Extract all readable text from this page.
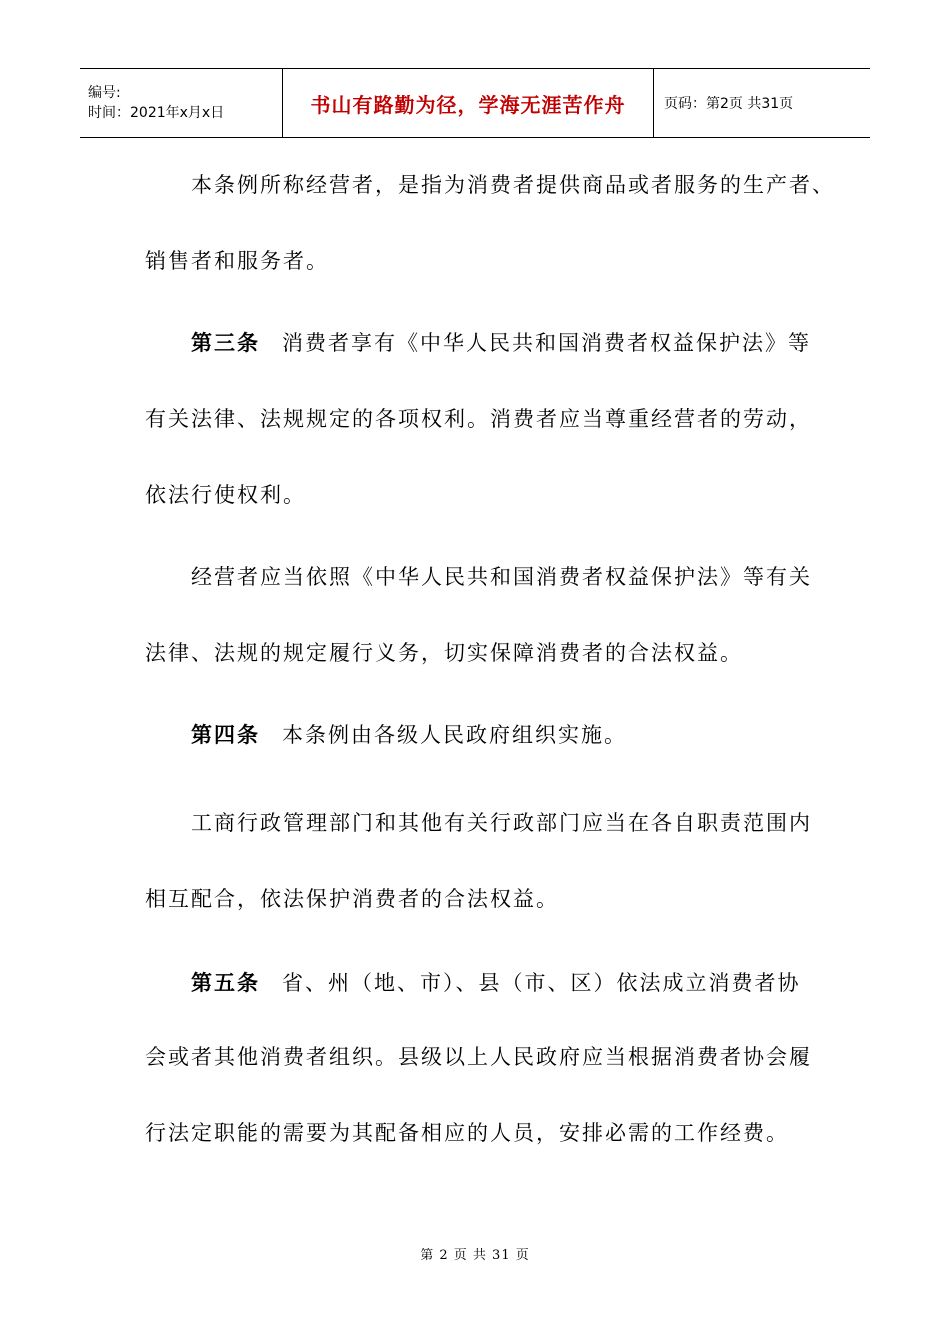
编号:
时间：2021年x月x日	书山有路勤为径，学海无涯苦作舟	页码：第2页 共31页
本条例所称经营者，是指为消费者提供商品或者服务的生产者、
销售者和服务者。
第三条 消费者享有《中华人民共和国消费者权益保护法》等
有关法律、法规规定的各项权利。消费者应当尊重经营者的劳动，
依法行使权利。
经营者应当依照《中华人民共和国消费者权益保护法》等有关
法律、法规的规定履行义务，切实保障消费者的合法权益。
第四条 本条例由各级人民政府组织实施。
工商行政管理部门和其他有关行政部门应当在各自职责范围内
相互配合，依法保护消费者的合法权益。
第五条 省、州（地、市）、县（市、区）依法成立消费者协
会或者其他消费者组织。县级以上人民政府应当根据消费者协会履
行法定职能的需要为其配备相应的人员，安排必需的工作经费。
第 2 页 共 31 页
